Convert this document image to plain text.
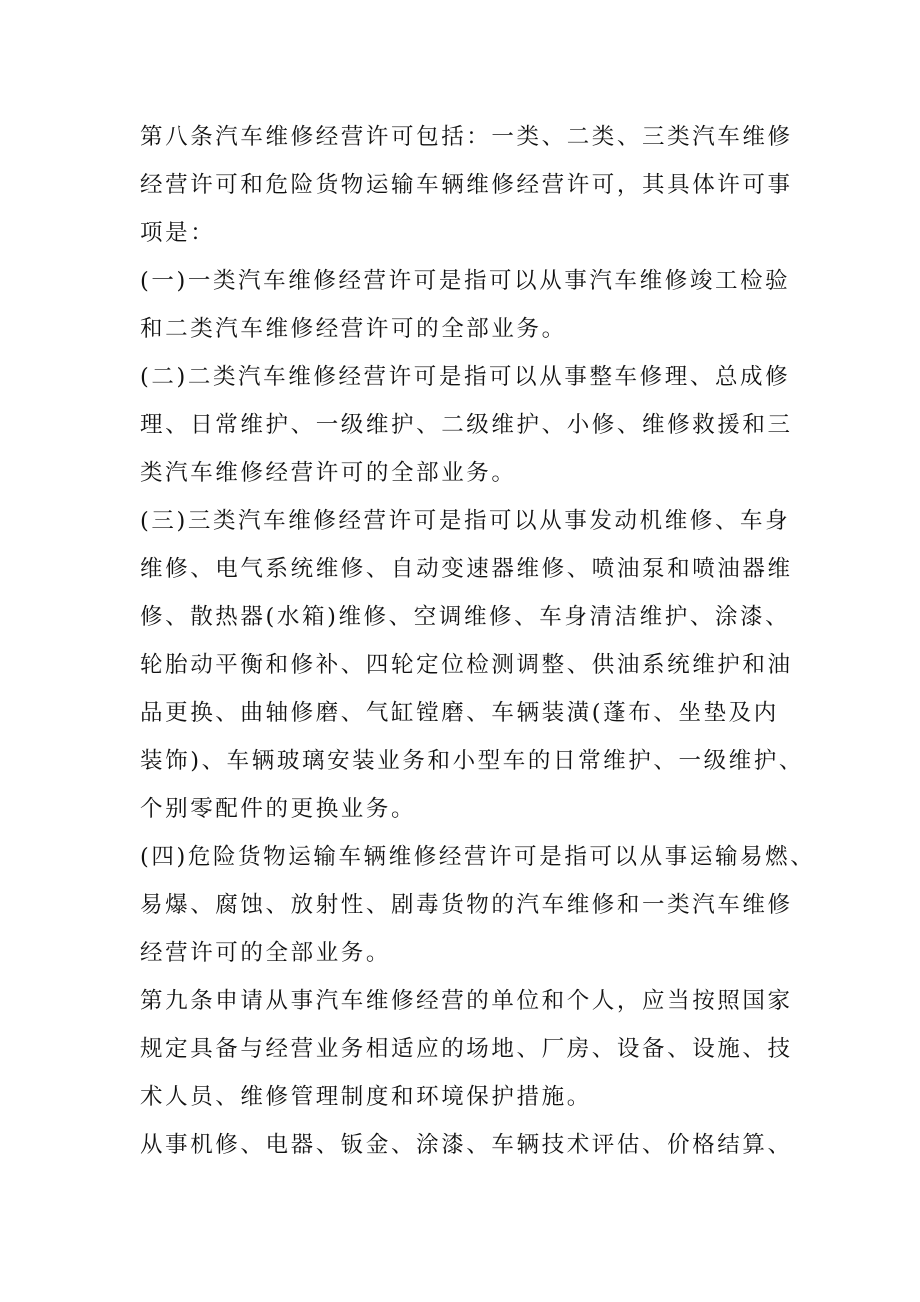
第八条汽车维修经营许可包括：一类、二类、三类汽车维修

经营许可和危险货物运输车辆维修经营许可，其具体许可事

项是：

(一)一类汽车维修经营许可是指可以从事汽车维修竣工检验

和二类汽车维修经营许可的全部业务。

(二)二类汽车维修经营许可是指可以从事整车修理、总成修

理、日常维护、一级维护、二级维护、小修、维修救援和三

类汽车维修经营许可的全部业务。

(三)三类汽车维修经营许可是指可以从事发动机维修、车身

维修、电气系统维修、自动变速器维修、喷油泵和喷油器维

修、散热器(水箱)维修、空调维修、车身清洁维护、涂漆、

轮胎动平衡和修补、四轮定位检测调整、供油系统维护和油

品更换、曲轴修磨、气缸镗磨、车辆装潢(蓬布、坐垫及内

装饰)、车辆玻璃安装业务和小型车的日常维护、一级维护、

个别零配件的更换业务。

(四)危险货物运输车辆维修经营许可是指可以从事运输易燃、

易爆、腐蚀、放射性、剧毒货物的汽车维修和一类汽车维修

经营许可的全部业务。

第九条申请从事汽车维修经营的单位和个人，应当按照国家

规定具备与经营业务相适应的场地、厂房、设备、设施、技

术人员、维修管理制度和环境保护措施。

从事机修、电器、钣金、涂漆、车辆技术评估、价格结算、
